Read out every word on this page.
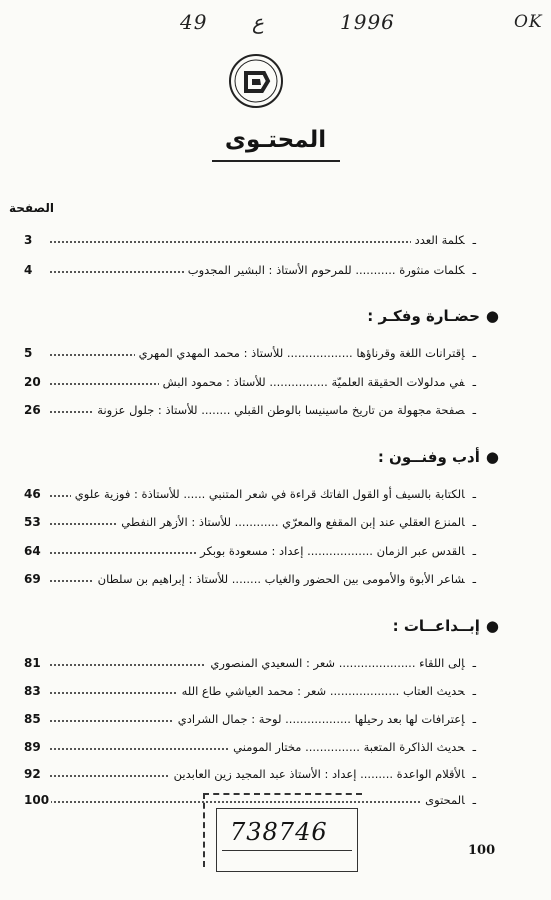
49 ع	1996	OK
المحتـوى
الصفحة
3	ـكلمة العدد
4	ـكلمات منثورة ........... للمرحوم الأستاذ : البشير المجدوب
●حضـارة وفكـر :
5	ـإقترانات اللغة وقرناؤها .................. للأستاذ : محمد المهدي المهري
20	ـفي مدلولات الحقيقة العلميّة ................ للأستاذ : محمود البش
26	ـصفحة مجهولة من تاريخ ماسينيسا بالوطن القبلي ........ للأستاذ : جلول عزونة
●أدب وفنــون :
46	ـالكتابة بالسيف أو القول الفاتك قراءة في شعر المتنبي ...... للأستاذة : فوزية علوي
53	ـالمنزع العقلي عند إبن المقفع والمعرّي ............ للأستاذ : الأزهر النفطي
64	ـالقدس عبر الزمان .................. إعداد : مسعودة بوبكر
69	ـشاعر الأبوة والأمومى بين الحضور والغياب ........ للأستاذ : إبراهيم بن سلطان
●إبــداعــات :
81	ـإلى اللقاء ..................... شعر : السعيدي المنصوري
83	ـحديث العتاب ................... شعر : محمد العياشي طاع الله
85	ـإعترافات لها بعد رحيلها .................. لوحة : جمال الشرادي
89	ـحديث الذاكرة المتعبة ............... مختار المومني
92	ـالأقلام الواعدة ......... إعداد : الأستاذ عبد المجيد زين العابدين
100	ـالمحتوى
738746
100
